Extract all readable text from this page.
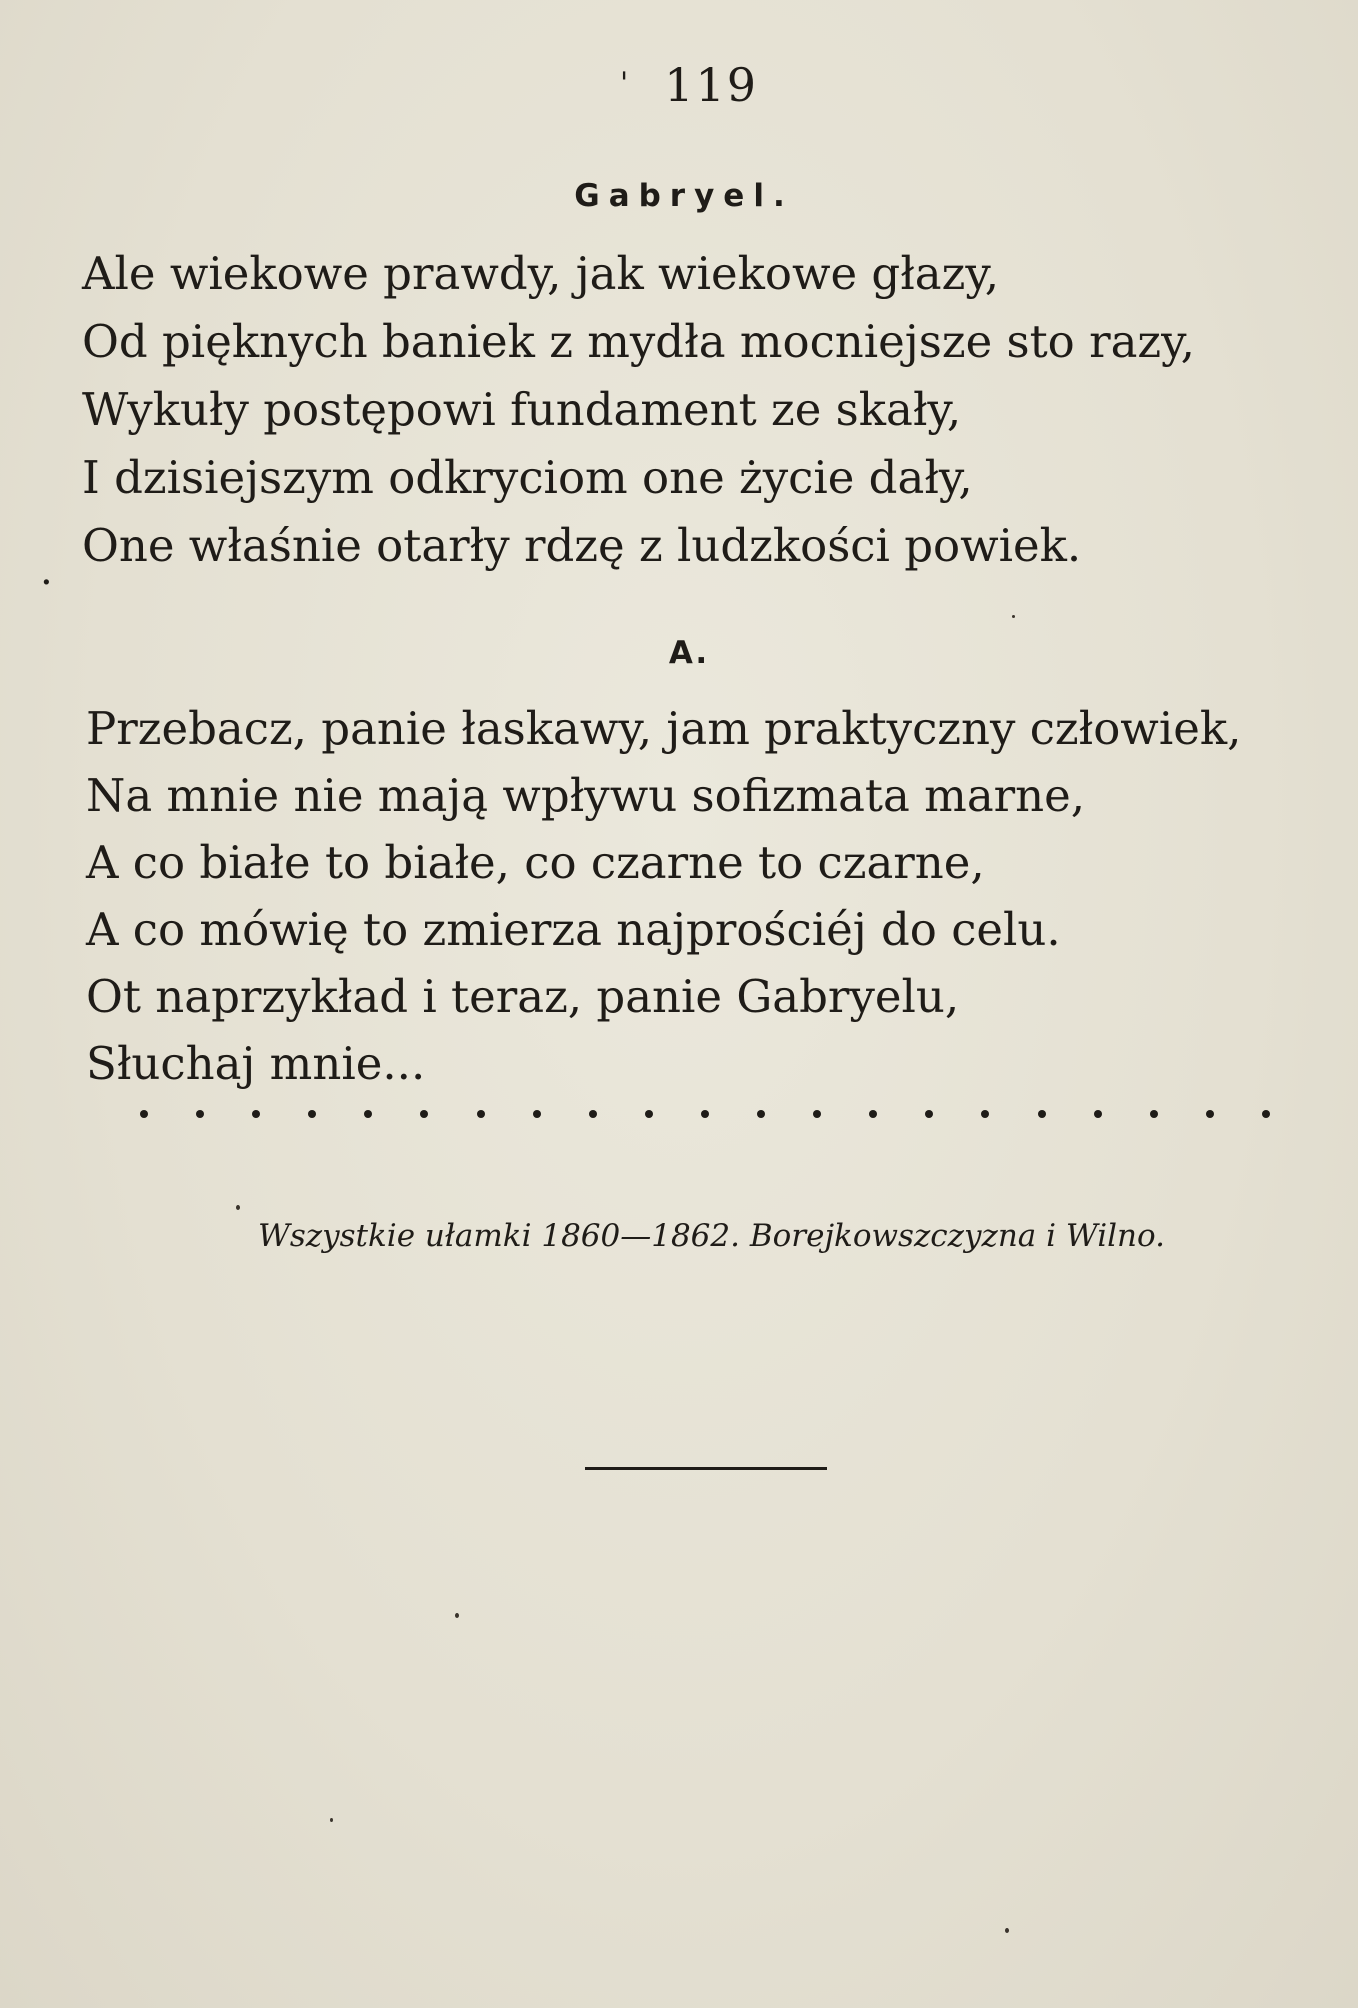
' 119
Gabryel.
Ale wiekowe prawdy, jak wiekowe głazy,
Od pięknych baniek z mydła mocniejsze sto razy,
Wykuły postępowi fundament ze skały,
I dzisiejszym odkryciom one życie dały,
One właśnie otarły rdzę z ludzkości powiek.
.
A.
Przebacz, panie łaskawy, jam praktyczny człowiek,
Na mnie nie mają wpływu sofizmata marne,
A co białe to białe, co czarne to czarne,
A co mówię to zmierza najprościéj do celu.
Ot naprzykład i teraz, panie Gabryelu,
Słuchaj mnie...
Wszystkie ułamki 1860—1862. Borejkowszczyzna i Wilno.
